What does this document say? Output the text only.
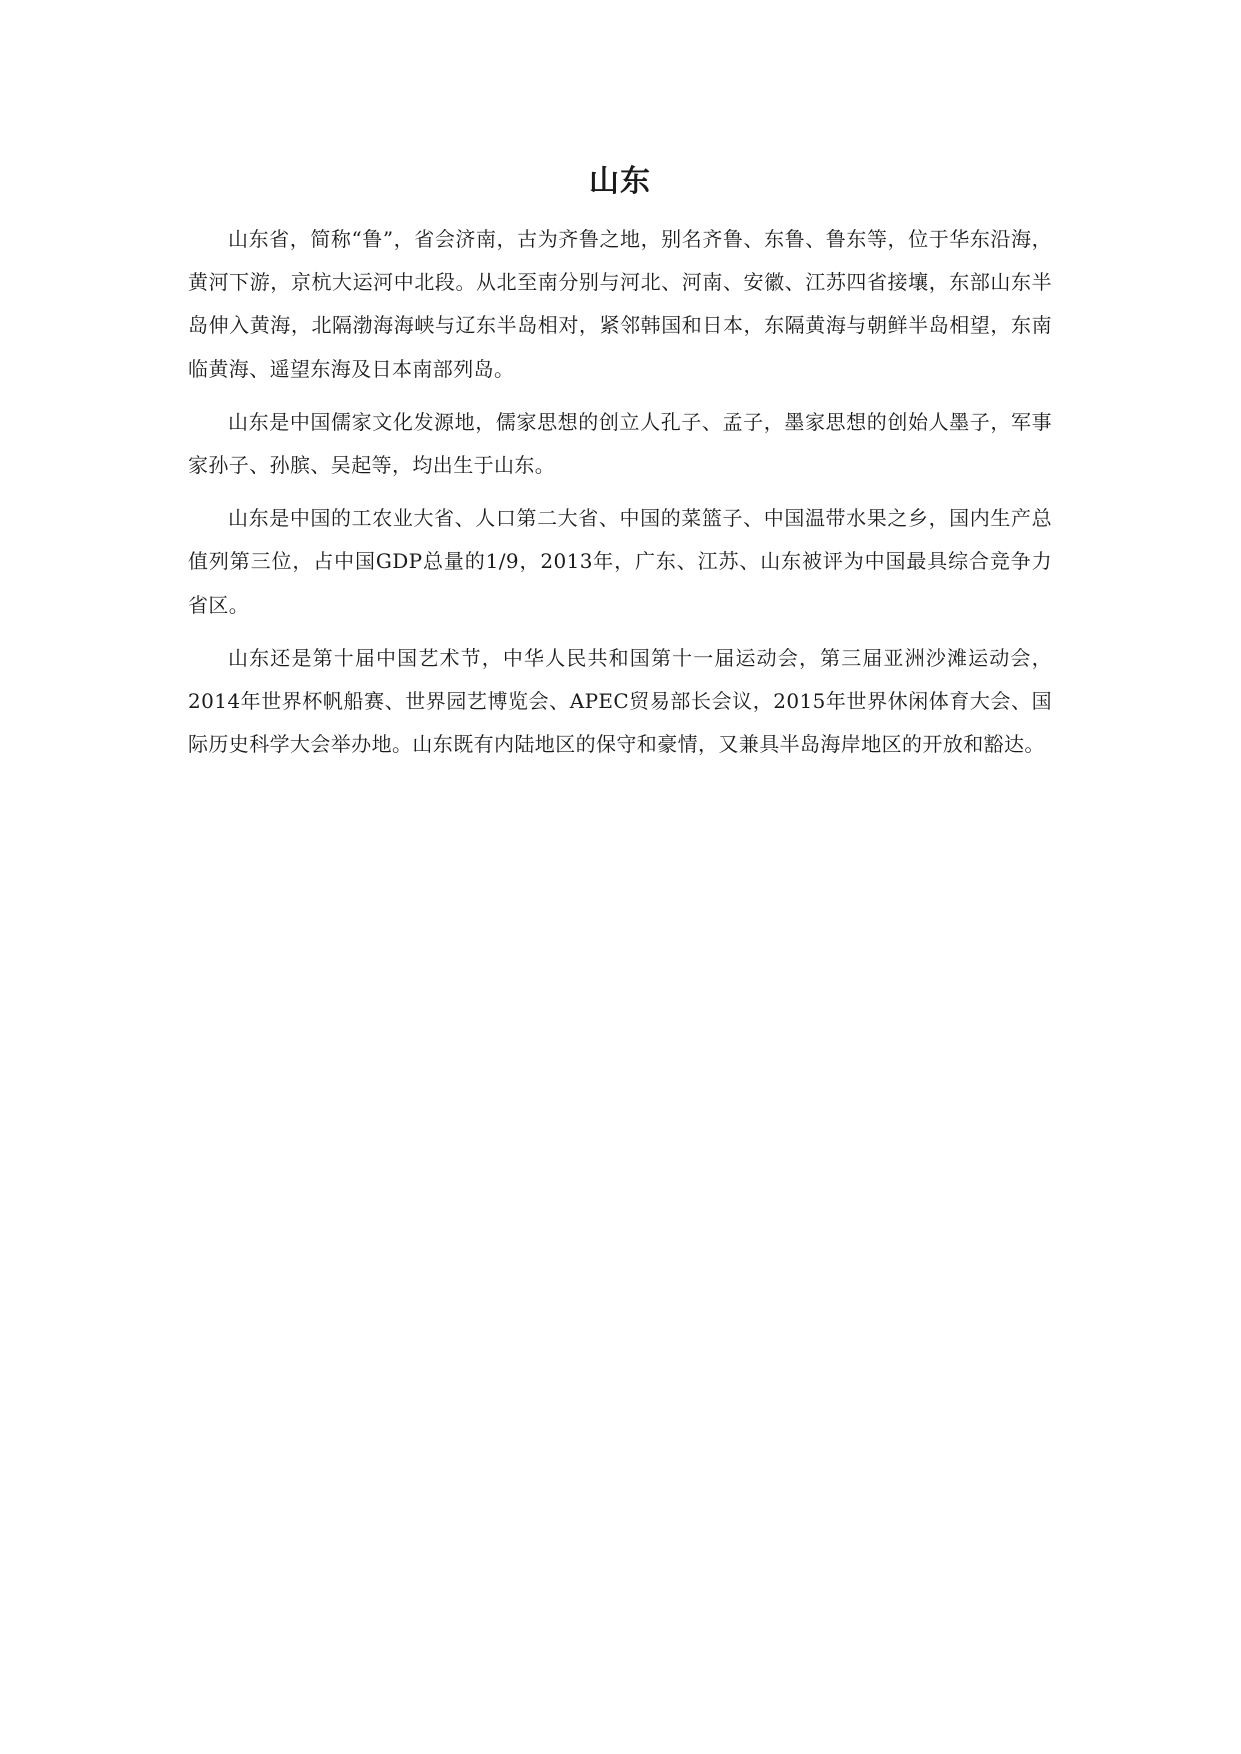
山东

山东省，简称“鲁”，省会济南，古为齐鲁之地，别名齐鲁、东鲁、鲁东等，位于华东沿海，黄河下游，京杭大运河中北段。从北至南分别与河北、河南、安徽、江苏四省接壤，东部山东半岛伸入黄海，北隔渤海海峡与辽东半岛相对，紧邻韩国和日本，东隔黄海与朝鲜半岛相望，东南临黄海、遥望东海及日本南部列岛。

山东是中国儒家文化发源地，儒家思想的创立人孔子、孟子，墨家思想的创始人墨子，军事家孙子、孙膑、吴起等，均出生于山东。

山东是中国的工农业大省、人口第二大省、中国的菜篮子、中国温带水果之乡，国内生产总值列第三位，占中国GDP总量的1/9，2013年，广东、江苏、山东被评为中国最具综合竞争力省区。

山东还是第十届中国艺术节，中华人民共和国第十一届运动会，第三届亚洲沙滩运动会，2014年世界杯帆船赛、世界园艺博览会、APEC贸易部长会议，2015年世界休闲体育大会、国际历史科学大会举办地。山东既有内陆地区的保守和豪情，又兼具半岛海岸地区的开放和豁达。
